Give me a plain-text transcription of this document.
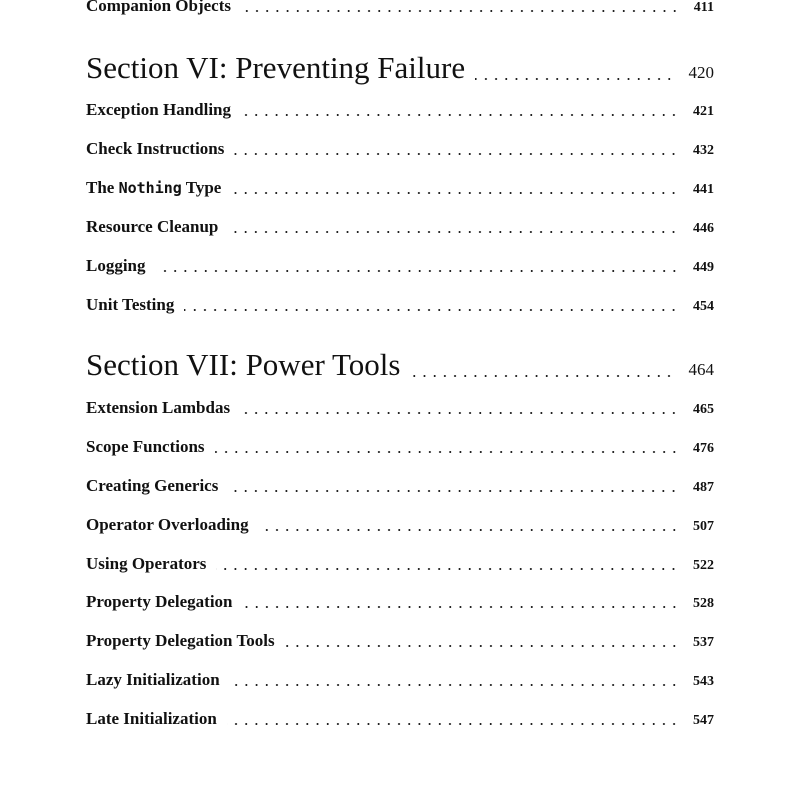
Companion Objects	411
Section VI: Preventing Failure	420
Exception Handling	421
Check Instructions	432
The Nothing Type	441
Resource Cleanup	446
Logging	449
Unit Testing	454
Section VII: Power Tools	464
Extension Lambdas	465
Scope Functions	476
Creating Generics	487
Operator Overloading	507
Using Operators	522
Property Delegation	528
Property Delegation Tools	537
Lazy Initialization	543
Late Initialization	547
